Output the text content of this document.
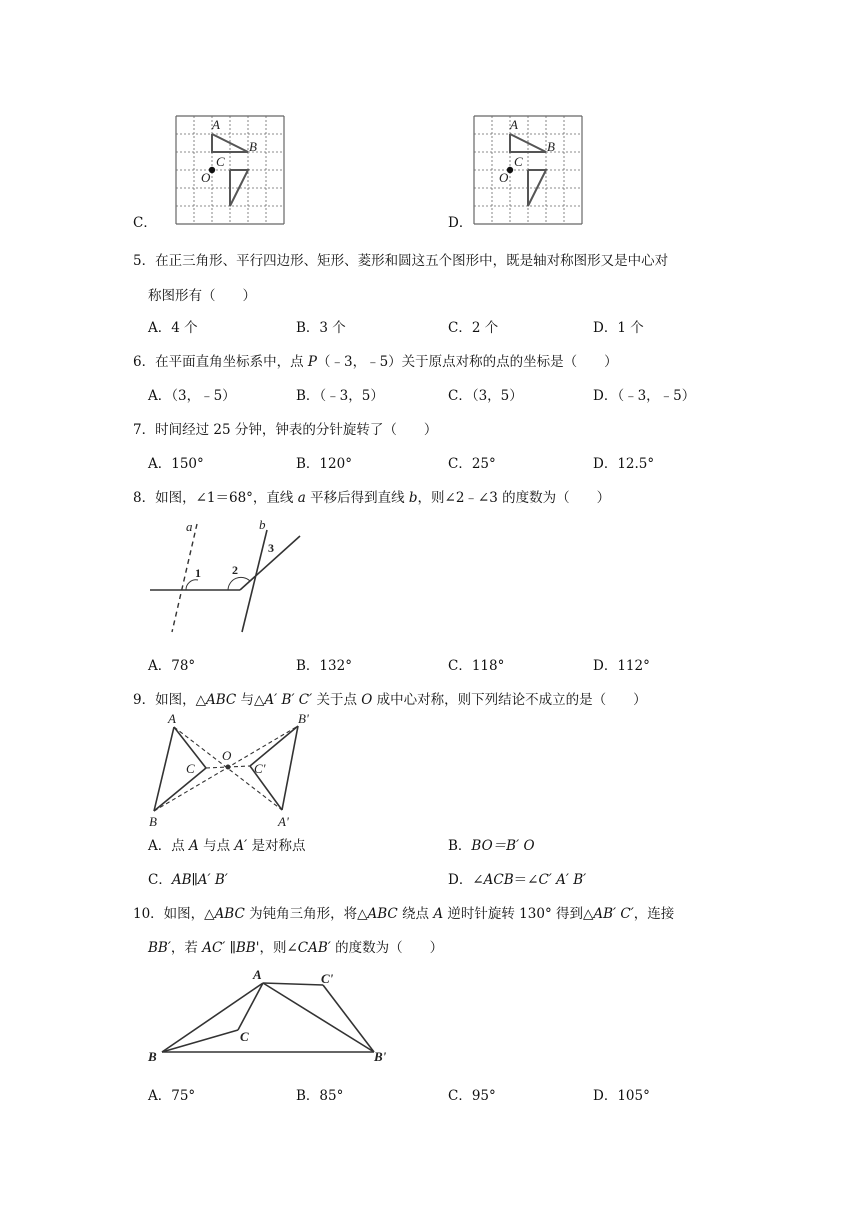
C．
A
B
C
O
A
B
C
O
D．
5．在正三角形、平行四边形、矩形、菱形和圆这五个图形中，既是轴对称图形又是中心对
称图形有（　　）
A．4 个	B．3 个	C．2 个	D．1 个
6．在平面直角坐标系中，点 P（﹣3，﹣5）关于原点对称的点的坐标是（　　）
A．（3，﹣5）	B．（﹣3，5）	C．（3，5）	D．（﹣3，﹣5）
7．时间经过 25 分钟，钟表的分针旋转了（　　）
A．150°	B．120°	C．25°	D．12.5°
8．如图，∠1＝68°，直线 a 平移后得到直线 b，则∠2﹣∠3 的度数为（　　）
a	b
1	2
3
A．78°	B．132°	C．118°	D．112°
9．如图，△ABC 与△A′ B′ C′ 关于点 O 成中心对称，则下列结论不成立的是（　　）
A
B
C
O
B'
A'
C'
A．点 A 与点 A′ 是对称点	B．BO＝B′ O
C．AB∥A′ B′	D．∠ACB＝∠C′ A′ B′
10．如图，△ABC 为钝角三角形，将△ABC 绕点 A 逆时针旋转 130° 得到△AB′ C′，连接
BB′，若 AC′ ∥BB'，则∠CAB′ 的度数为（　　）
A
B
C
C'
B'
A．75°	B．85°	C．95°	D．105°
